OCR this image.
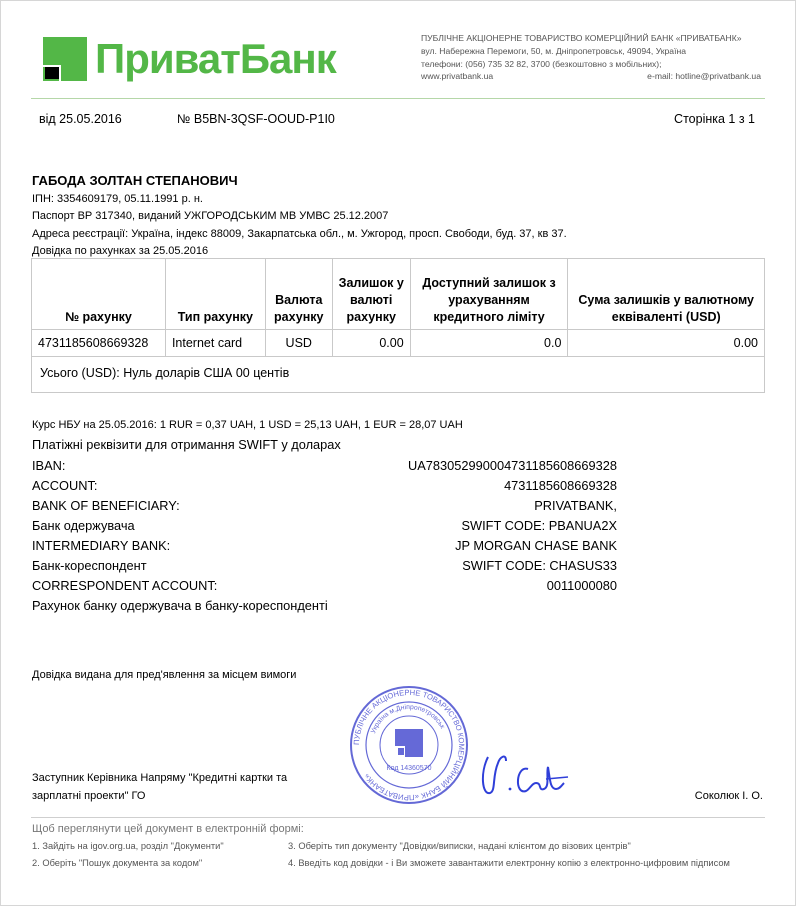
ПриватБанк	ПУБЛІЧНЕ АКЦІОНЕРНЕ ТОВАРИСТВО КОМЕРЦІЙНИЙ БАНК «ПРИВАТБАНК»
вул. Набережна Перемоги, 50, м. Дніпропетровськ, 49094, Україна
телефони: (056) 735 32 82, 3700 (безкоштовно з мобільних);
www.privatbank.ua	e-mail: hotline@privatbank.ua
від 25.05.2016	№ B5BN-3QSF-OOUD-P1I0	Сторінка 1 з 1
ГАБОДА ЗОЛТАН СТЕПАНОВИЧ
ІПН: 3354609179, 05.11.1991 р. н.
Паспорт ВР 317340, виданий УЖГОРОДСЬКИМ МВ УМВС 25.12.2007
Адреса реєстрації: Україна, індекс 88009, Закарпатська обл., м. Ужгород, просп. Свободи, буд. 37, кв 37.
Довідка по рахунках за 25.05.2016
№ рахунку	Тип рахунку	Валюта рахунку	Залишок у валюті рахунку	Доступний залишок з урахуванням кредитного ліміту	Сума залишків у валютному еквіваленті (USD)
4731185608669328	Internet card	USD	0.00	0.0	0.00
Усього (USD): Нуль доларів США 00 центів
Курс НБУ на 25.05.2016: 1 RUR = 0,37 UAH, 1 USD = 25,13 UAH, 1 EUR = 28,07 UAH
Платіжні реквізити для отримання SWIFT у доларах
IBAN:	UA783052990004731185608669328
ACCOUNT:	4731185608669328
BANK OF BENEFICIARY:	PRIVATBANK,
Банк одержувача	SWIFT CODE: PBANUA2X
INTERMEDIARY BANK:	JP MORGAN CHASE BANK
Банк-кореспондент	SWIFT CODE: CHASUS33
CORRESPONDENT ACCOUNT:	0011000080
Рахунок банку одержувача в банку-кореспонденті
Довідка видана для пред'явлення за місцем вимоги
ПУБЛІЧНЕ АКЦІОНЕРНЕ ТОВАРИСТВО КОМЕРЦІЙНИЙ БАНК «ПРИВАТБАНК»
Україна м.Дніпропетровськ
Код 14360570
Заступник Керівника Напряму "Кредитні картки та
зарплатні проекти" ГО	Соколюк І. О.
Щоб переглянути цей документ в електронній формі:
1. Зайдіть на igov.org.ua, розділ "Документи"
2. Оберіть "Пошук документа за кодом"
3. Оберіть тип документу "Довідки/виписки, надані клієнтом до візових центрів"
4. Введіть код довідки - і Ви зможете завантажити електронну копію з електронно-цифровим підписом
